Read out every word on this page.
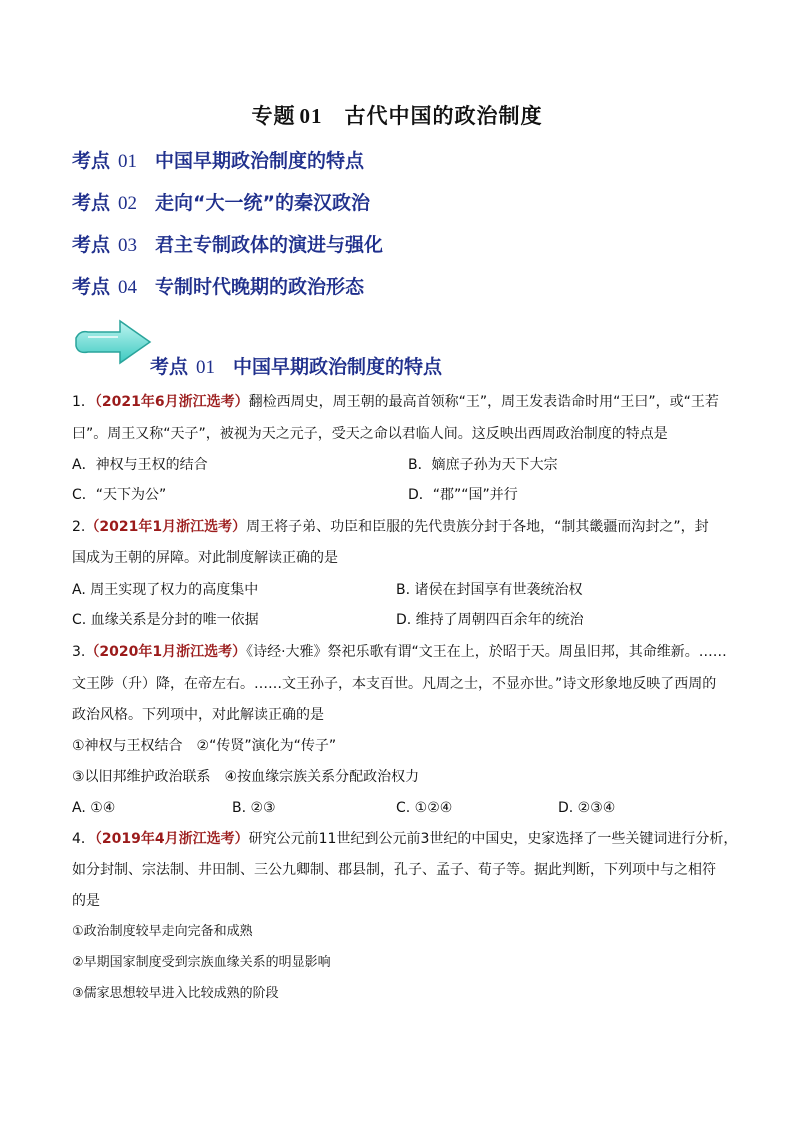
专题 01 古代中国的政治制度
考点 01 中国早期政治制度的特点
考点 02 走向“大一统”的秦汉政治
考点 03 君主专制政体的演进与强化
考点 04 专制时代晚期的政治形态
考点 01 中国早期政治制度的特点
1．（2021年6月浙江选考）翻检西周史，周王朝的最高首领称“王”，周王发表诰命时用“王曰”，或“王若
曰”。周王又称“天子”，被视为天之元子，受天之命以君临人间。这反映出西周政治制度的特点是
A．神权与王权的结合	B．嫡庶子孙为天下大宗
C．“天下为公”	D．“郡”“国”并行
2.（2021年1月浙江选考）周王将子弟、功臣和臣服的先代贵族分封于各地，“制其畿疆而沟封之”，封
国成为王朝的屏障。对此制度解读正确的是
A. 周王实现了权力的高度集中	B. 诸侯在封国享有世袭统治权
C. 血缘关系是分封的唯一依据	D. 维持了周朝四百余年的统治
3.（2020年1月浙江选考）《诗经·大雅》祭祀乐歌有谓“文王在上，於昭于天。周虽旧邦，其命维新。……
文王陟（升）降，在帝左右。……文王孙子，本支百世。凡周之士，不显亦世。”诗文形象地反映了西周的
政治风格。下列项中，对此解读正确的是
①神权与王权结合　②“传贤”演化为“传子”
③以旧邦维护政治联系　④按血缘宗族关系分配政治权力
A. ①④	B. ②③	C. ①②④	D. ②③④
4．（2019年4月浙江选考）研究公元前11世纪到公元前3世纪的中国史，史家选择了一些关键词进行分析，
如分封制、宗法制、井田制、三公九卿制、郡县制，孔子、孟子、荀子等。据此判断，下列项中与之相符
的是
①政治制度较早走向完备和成熟
②早期国家制度受到宗族血缘关系的明显影响
③儒家思想较早进入比较成熟的阶段
